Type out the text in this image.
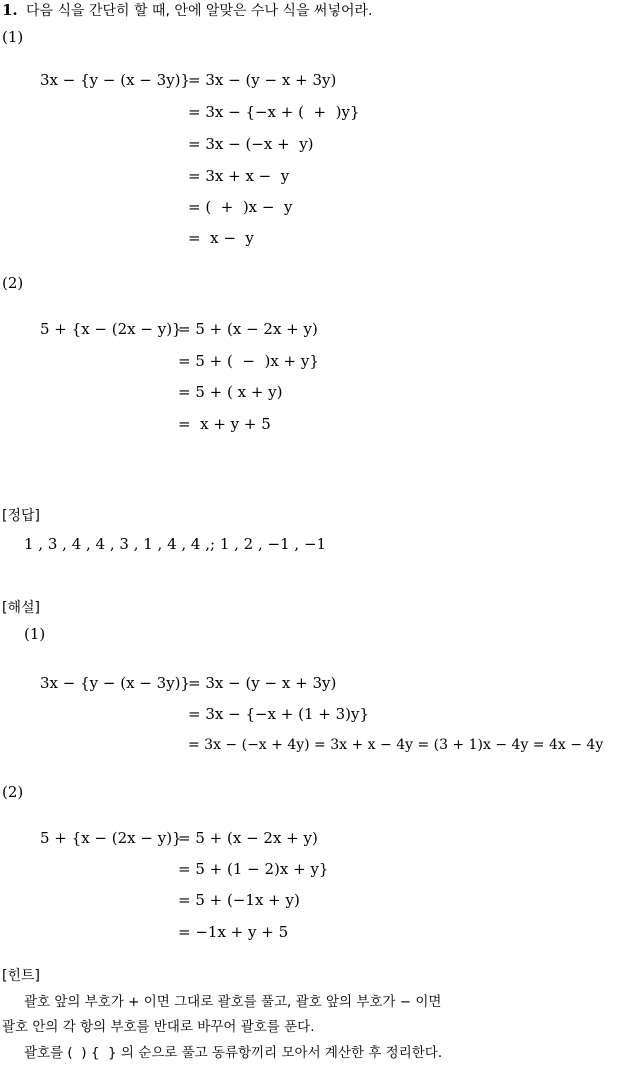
1. 다음 식을 간단히 할 때, 안에 알맞은 수나 식을 써넣어라.
(1)
3x − {y − (x − 3y)}
= 3x − (y − x + 3y)
= 3x − {−x + (  +  )y}
= 3x − (−x +  y)
= 3x + x −  y
= (  +  )x −  y
=  x −  y
(2)
5 + {x − (2x − y)}
= 5 + (x − 2x + y)
= 5 + (  −  )x + y}
= 5 + ( x + y)
=  x + y + 5
[정답]
1 , 3 , 4 , 4 , 3 , 1 , 4 , 4 ,; 1 , 2 , −1 , −1
[해설]
(1)
3x − {y − (x − 3y)}
= 3x − (y − x + 3y)
= 3x − {−x + (1 + 3)y}
= 3x − (−x + 4y) = 3x + x − 4y = (3 + 1)x − 4y = 4x − 4y
(2)
5 + {x − (2x − y)}
= 5 + (x − 2x + y)
= 5 + (1 − 2)x + y}
= 5 + (−1x + y)
= −1x + y + 5
[힌트]
괄호 앞의 부호가 + 이면 그대로 괄호를 풀고, 괄호 앞의 부호가 − 이면
괄호 안의 각 항의 부호를 반대로 바꾸어 괄호를 푼다.
괄호를 (  ) {  } 의 순으로 풀고 동류항끼리 모아서 계산한 후 정리한다.
